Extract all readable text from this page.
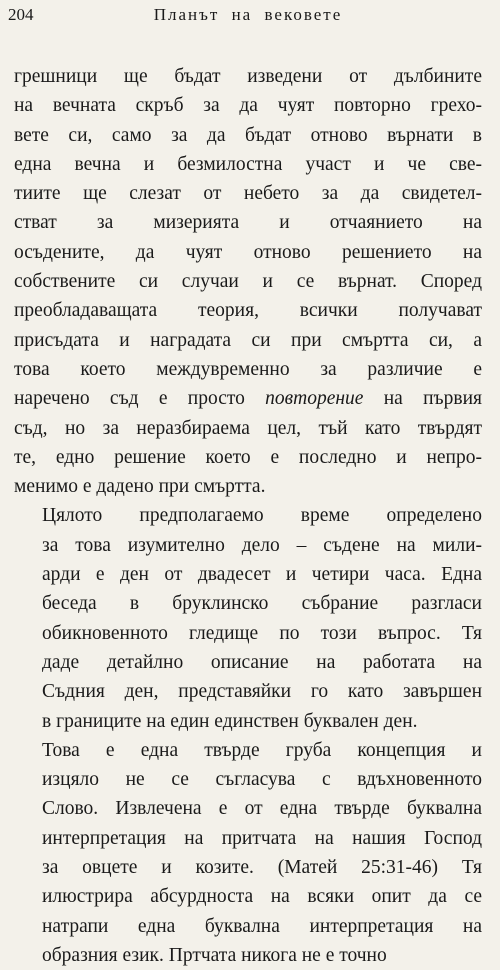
204	Планът на вековете
грешници ще бъдат изведени от дълбините
на вечната скръб за да чуят повторно грехо-
вете си, само за да бъдат отново върнати в
една вечна и безмилостна участ и че све-
тиите ще слезат от небето за да свидетел-
стват за мизерията и отчаянието на
осъдените, да чуят отново решението на
собствените си случаи и се върнат. Според
преобладаващата теория, всички получават
присъдата и наградата си при смъртта си, а
това което междувременно за различие е
наречено съд е просто повторение на първия
съд, но за неразбираема цел, тъй като твърдят
те, едно решение което е последно и непро-
менимо е дадено при смъртта.
Цялото предполагаемо време определено
за това изумително дело – съдене на мили-
арди е ден от двадесет и четири часа. Една
беседа в бруклинско събрание разгласи
обикновенното гледище по този въпрос. Тя
даде детайлно описание на работата на
Съдния ден, представяйки го като завършен
в границите на един единствен буквален ден.
Това е една твърде груба концепция и
изцяло не се съгласува с вдъхновенното
Слово. Извлечена е от една твърде буквална
интерпретация на притчата на нашия Господ
за овцете и козите. (Матей 25:31-46) Тя
илюстрира абсурдноста на всяки опит да се
натрапи една буквална интерпретация на
образния език. Пртчата никога не е точно
